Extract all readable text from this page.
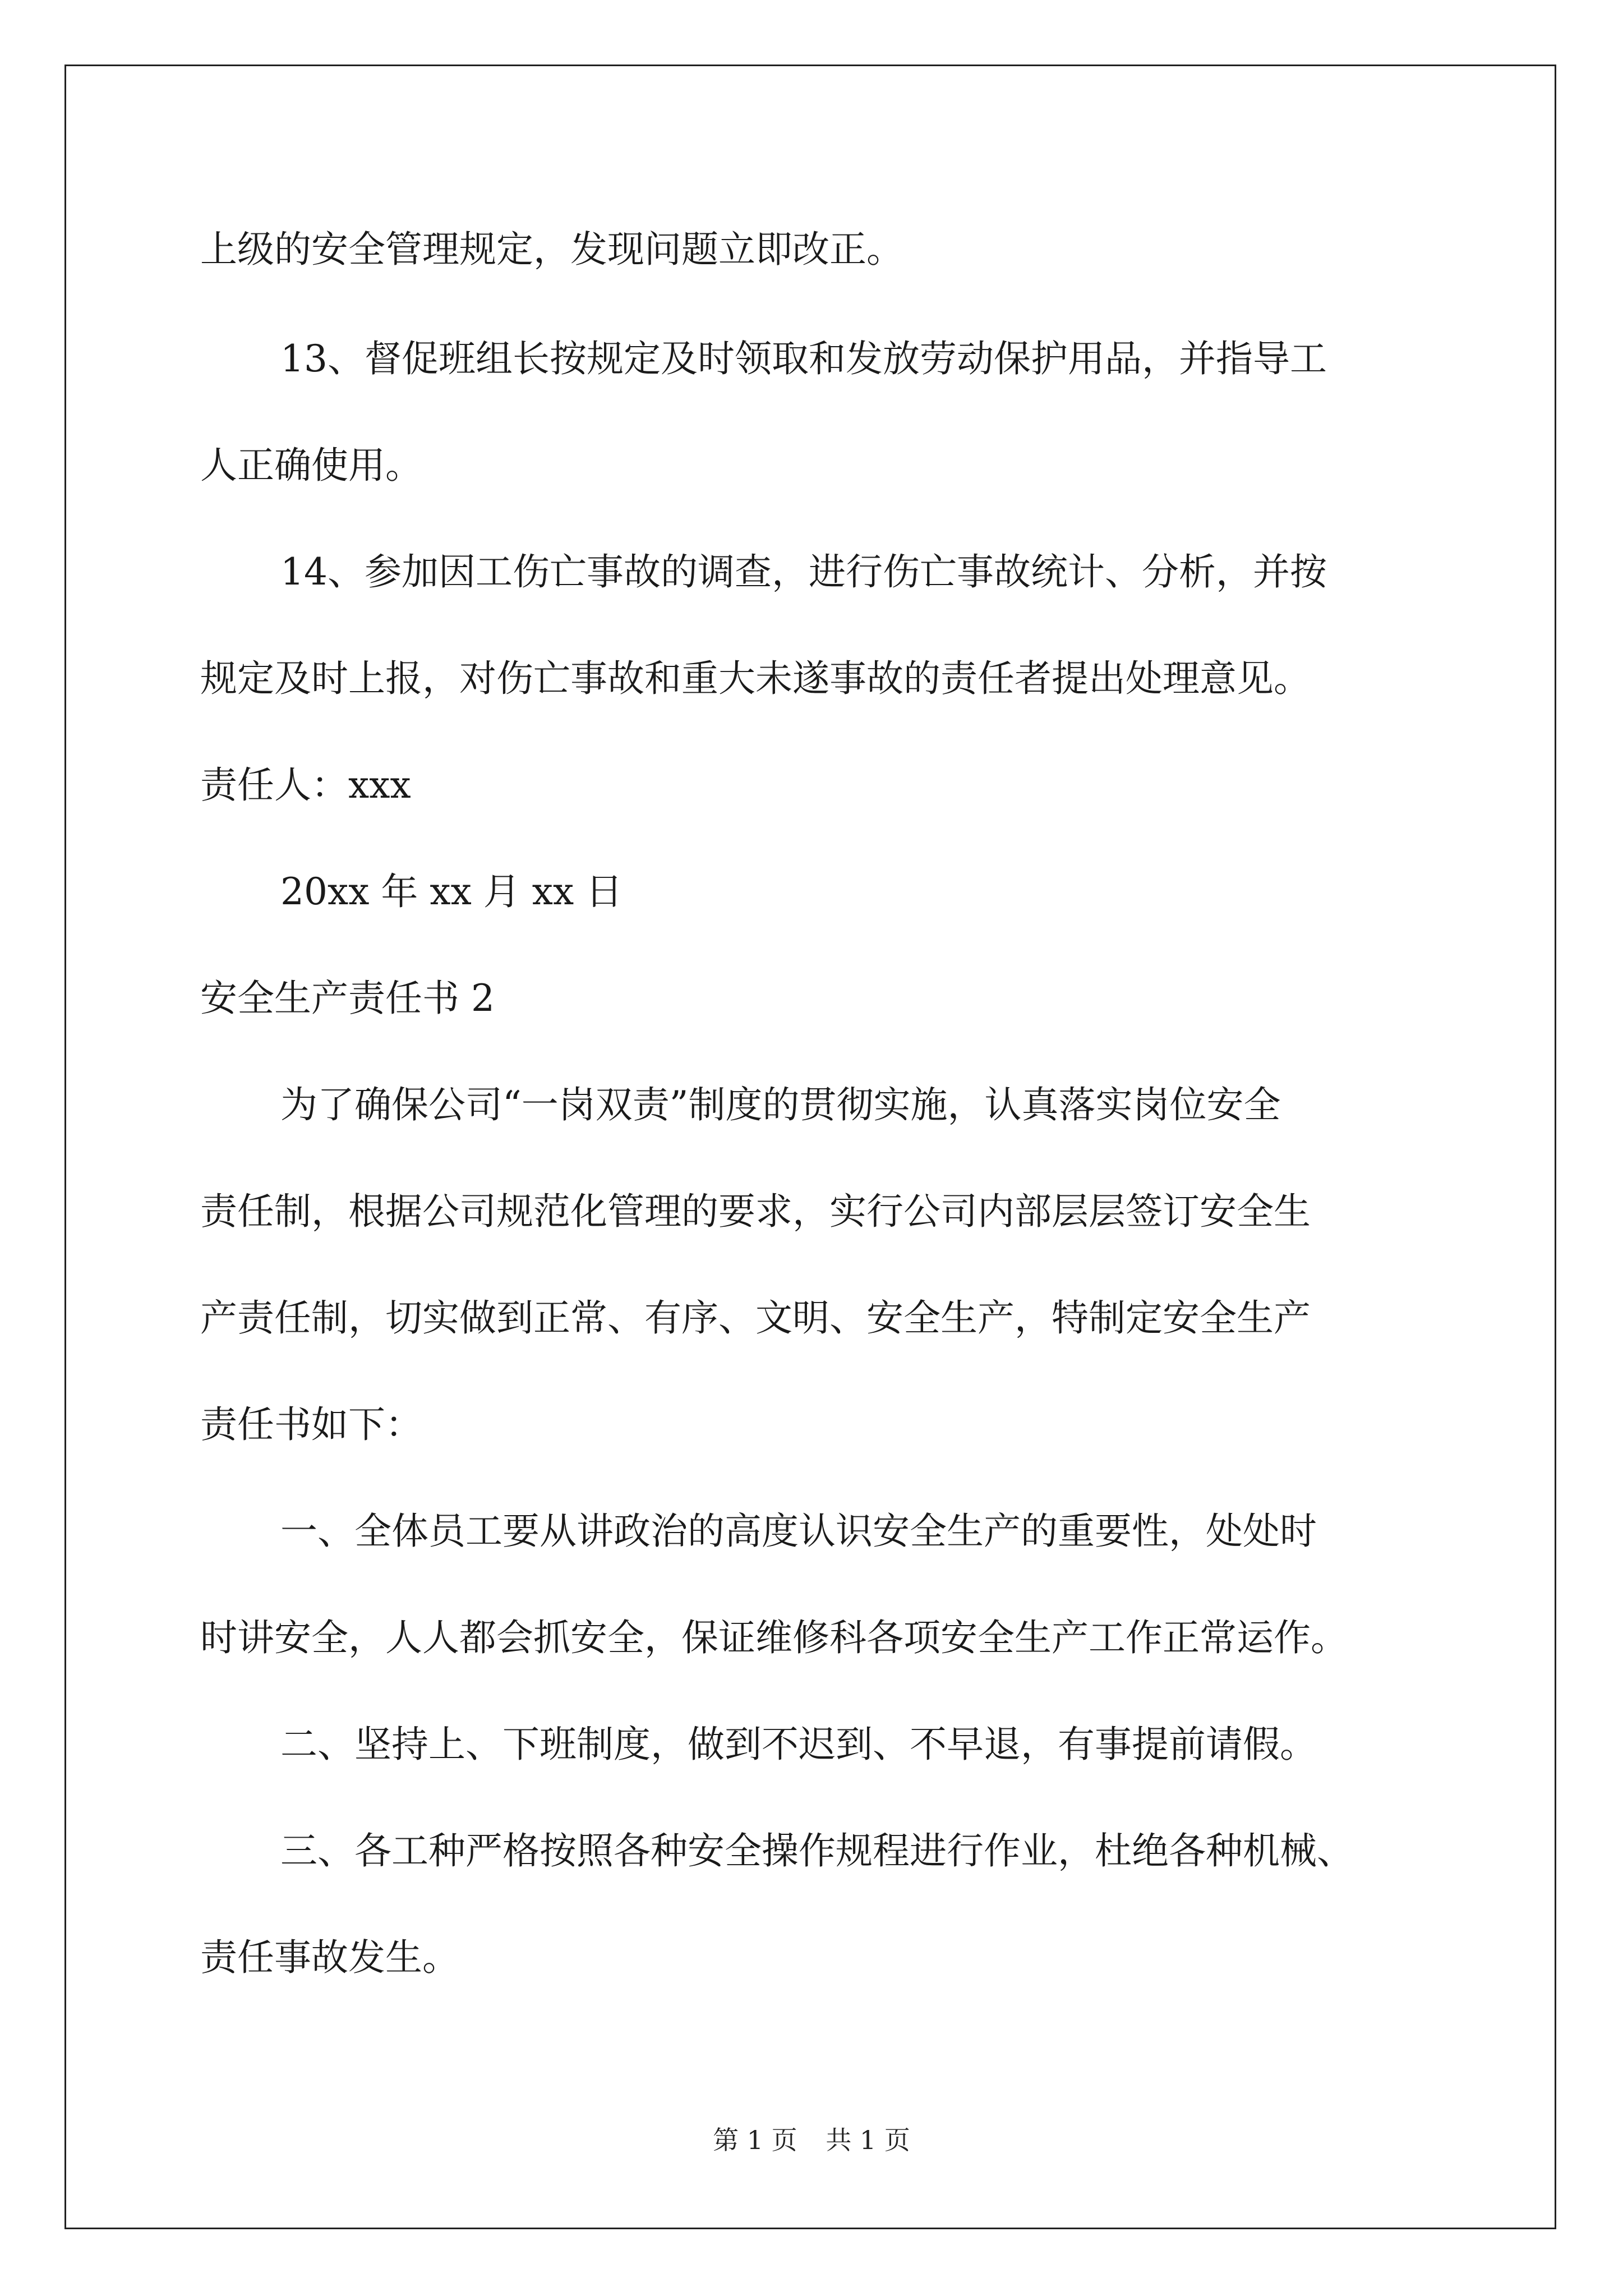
上级的安全管理规定，发现问题立即改正。

13、督促班组长按规定及时领取和发放劳动保护用品，并指导工

人正确使用。

14、参加因工伤亡事故的调查，进行伤亡事故统计、分析，并按

规定及时上报，对伤亡事故和重大未遂事故的责任者提出处理意见。

责任人：xxx

20xx 年 xx 月 xx 日

安全生产责任书 2

为了确保公司“一岗双责”制度的贯彻实施，认真落实岗位安全

责任制，根据公司规范化管理的要求，实行公司内部层层签订安全生

产责任制，切实做到正常、有序、文明、安全生产，特制定安全生产

责任书如下：

一、全体员工要从讲政治的高度认识安全生产的重要性，处处时

时讲安全，人人都会抓安全，保证维修科各项安全生产工作正常运作。

二、坚持上、下班制度，做到不迟到、不早退，有事提前请假。

三、各工种严格按照各种安全操作规程进行作业，杜绝各种机械、

责任事故发生。

第 1 页 共 1 页
